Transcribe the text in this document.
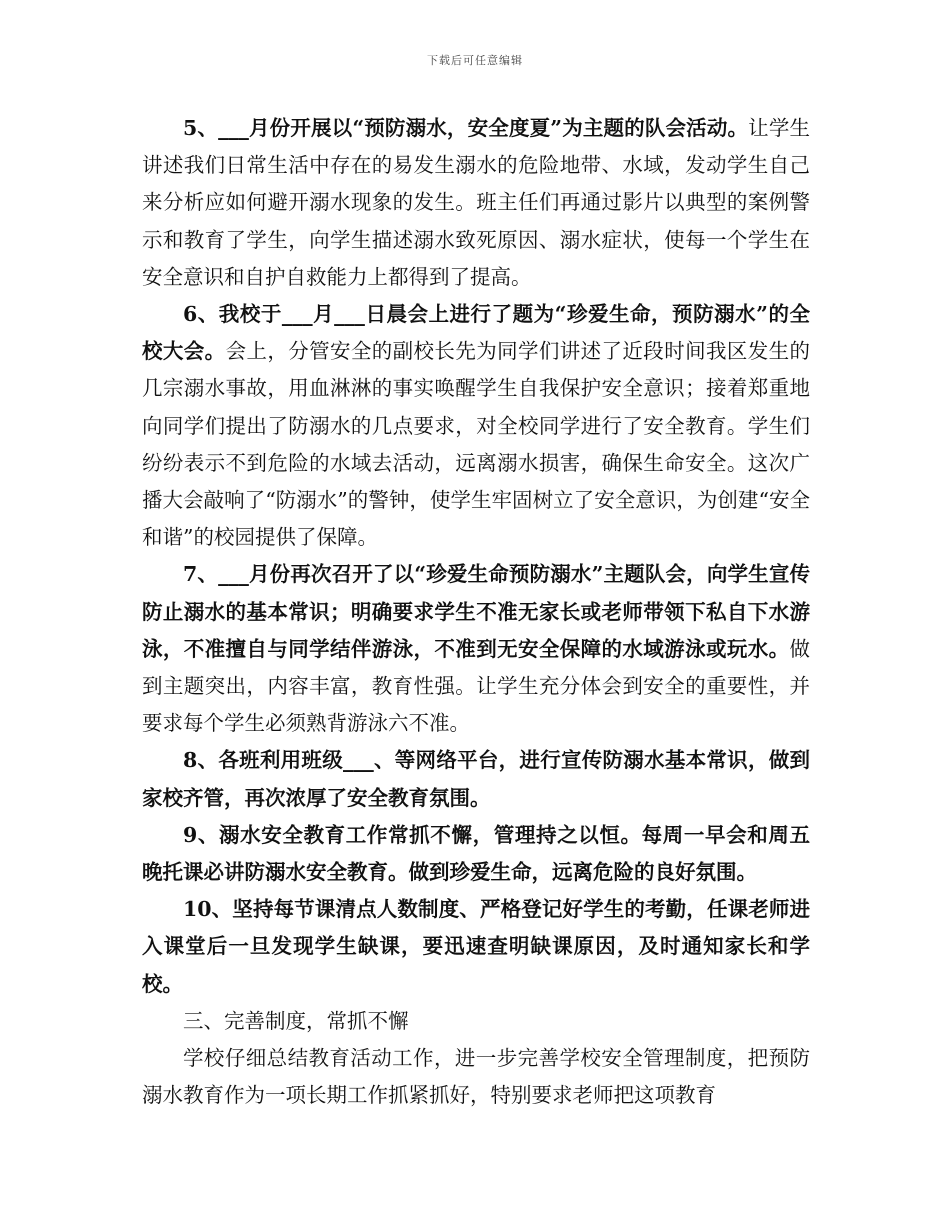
下载后可任意编辑

5、___月份开展以“预防溺水，安全度夏”为主题的队会活动。让学生讲述我们日常生活中存在的易发生溺水的危险地带、水域，发动学生自己来分析应如何避开溺水现象的发生。班主任们再通过影片以典型的案例警示和教育了学生，向学生描述溺水致死原因、溺水症状，使每一个学生在安全意识和自护自救能力上都得到了提高。

6、我校于___月___日晨会上进行了题为“珍爱生命，预防溺水”的全校大会。会上，分管安全的副校长先为同学们讲述了近段时间我区发生的几宗溺水事故，用血淋淋的事实唤醒学生自我保护安全意识；接着郑重地向同学们提出了防溺水的几点要求，对全校同学进行了安全教育。学生们纷纷表示不到危险的水域去活动，远离溺水损害，确保生命安全。这次广播大会敲响了“防溺水”的警钟，使学生牢固树立了安全意识，为创建“安全和谐”的校园提供了保障。

7、___月份再次召开了以“珍爱生命预防溺水”主题队会，向学生宣传防止溺水的基本常识；明确要求学生不准无家长或老师带领下私自下水游泳，不准擅自与同学结伴游泳，不准到无安全保障的水域游泳或玩水。做到主题突出，内容丰富，教育性强。让学生充分体会到安全的重要性，并要求每个学生必须熟背游泳六不准。

8、各班利用班级___、等网络平台，进行宣传防溺水基本常识，做到家校齐管，再次浓厚了安全教育氛围。

9、溺水安全教育工作常抓不懈，管理持之以恒。每周一早会和周五晚托课必讲防溺水安全教育。做到珍爱生命，远离危险的良好氛围。

10、坚持每节课清点人数制度、严格登记好学生的考勤，任课老师进入课堂后一旦发现学生缺课，要迅速查明缺课原因，及时通知家长和学校。

三、完善制度，常抓不懈

学校仔细总结教育活动工作，进一步完善学校安全管理制度，把预防溺水教育作为一项长期工作抓紧抓好，特别要求老师把这项教育
